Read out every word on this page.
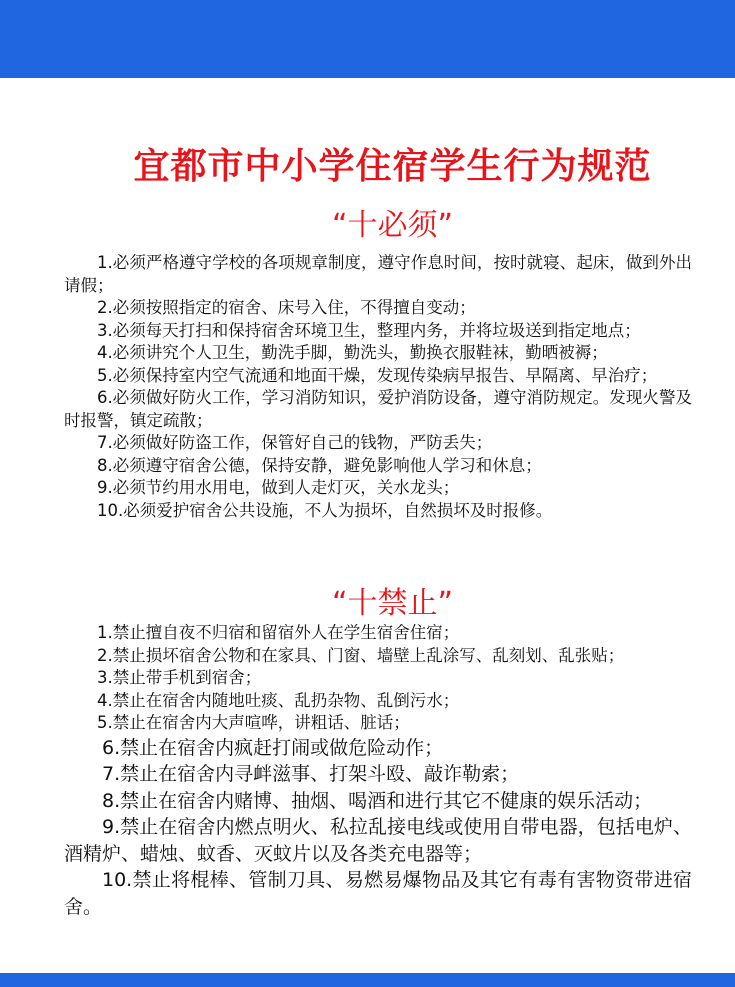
宜都市中小学住宿学生行为规范
“十必须”
1.必须严格遵守学校的各项规章制度，遵守作息时间，按时就寝、起床，做到外出请假；
2.必须按照指定的宿舍、床号入住，不得擅自变动；
3.必须每天打扫和保持宿舍环境卫生，整理内务，并将垃圾送到指定地点；
4.必须讲究个人卫生，勤洗手脚，勤洗头，勤换衣服鞋袜，勤晒被褥；
5.必须保持室内空气流通和地面干燥，发现传染病早报告、早隔离、早治疗；
6.必须做好防火工作，学习消防知识，爱护消防设备，遵守消防规定。发现火警及时报警，镇定疏散；
7.必须做好防盗工作，保管好自己的钱物，严防丢失；
8.必须遵守宿舍公德，保持安静，避免影响他人学习和休息；
9.必须节约用水用电，做到人走灯灭，关水龙头；
10.必须爱护宿舍公共设施，不人为损坏，自然损坏及时报修。
“十禁止”
1.禁止擅自夜不归宿和留宿外人在学生宿舍住宿；
2.禁止损坏宿舍公物和在家具、门窗、墙壁上乱涂写、乱刻划、乱张贴；
3.禁止带手机到宿舍；
4.禁止在宿舍内随地吐痰、乱扔杂物、乱倒污水；
5.禁止在宿舍内大声喧哗，讲粗话、脏话；
6.禁止在宿舍内疯赶打闹或做危险动作；
7.禁止在宿舍内寻衅滋事、打架斗殴、敲诈勒索；
8.禁止在宿舍内赌博、抽烟、喝酒和进行其它不健康的娱乐活动；
9.禁止在宿舍内燃点明火、私拉乱接电线或使用自带电器，包括电炉、酒精炉、蜡烛、蚊香、灭蚊片以及各类充电器等；
10.禁止将棍棒、管制刀具、易燃易爆物品及其它有毒有害物资带进宿舍。
